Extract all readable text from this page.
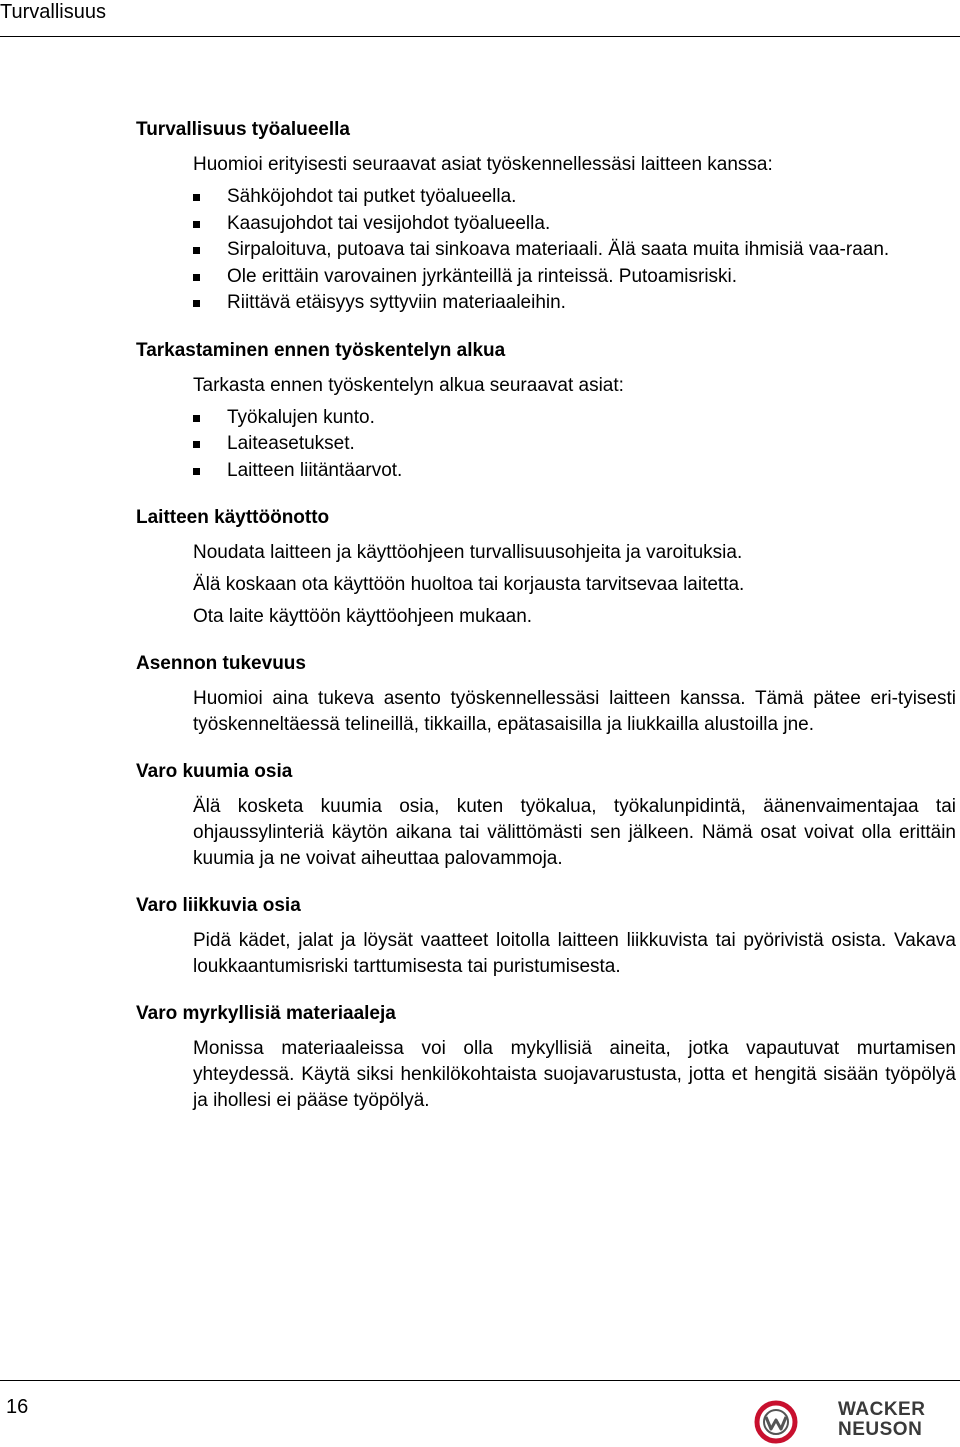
Turvallisuus
Turvallisuus työalueella

Huomioi erityisesti seuraavat asiat työskennellessäsi laitteen kanssa:

Sähköjohdot tai putket työalueella.
Kaasujohdot tai vesijohdot työalueella.
Sirpaloituva, putoava tai sinkoava materiaali. Älä saata muita ihmisiä vaa-raan.
Ole erittäin varovainen jyrkänteillä ja rinteissä. Putoamisriski.
Riittävä etäisyys syttyviin materiaaleihin.
Tarkastaminen ennen työskentelyn alkua

Tarkasta ennen työskentelyn alkua seuraavat asiat:

Työkalujen kunto.
Laiteasetukset.
Laitteen liitäntäarvot.
Laitteen käyttöönotto

Noudata laitteen ja käyttöohjeen turvallisuusohjeita ja varoituksia.

Älä koskaan ota käyttöön huoltoa tai korjausta tarvitsevaa laitetta.

Ota laite käyttöön käyttöohjeen mukaan.

Asennon tukevuus

Huomioi aina tukeva asento työskennellessäsi laitteen kanssa. Tämä pätee eri-tyisesti työskenneltäessä telineillä, tikkailla, epätasaisilla ja liukkailla alustoilla jne.

Varo kuumia osia

Älä kosketa kuumia osia, kuten työkalua, työkalunpidintä, äänenvaimentajaa tai ohjaussylinteriä käytön aikana tai välittömästi sen jälkeen. Nämä osat voivat olla erittäin kuumia ja ne voivat aiheuttaa palovammoja.

Varo liikkuvia osia

Pidä kädet, jalat ja löysät vaatteet loitolla laitteen liikkuvista tai pyörivistä osista. Vakava loukkaantumisriski tarttumisesta tai puristumisesta.

Varo myrkyllisiä materiaaleja

Monissa materiaaleissa voi olla mykyllisiä aineita, jotka vapautuvat murtamisen yhteydessä. Käytä siksi henkilökohtaista suojavarustusta, jotta et hengitä sisään työpölyä ja ihollesi ei pääse työpölyä.

16	WACKER
NEUSON
